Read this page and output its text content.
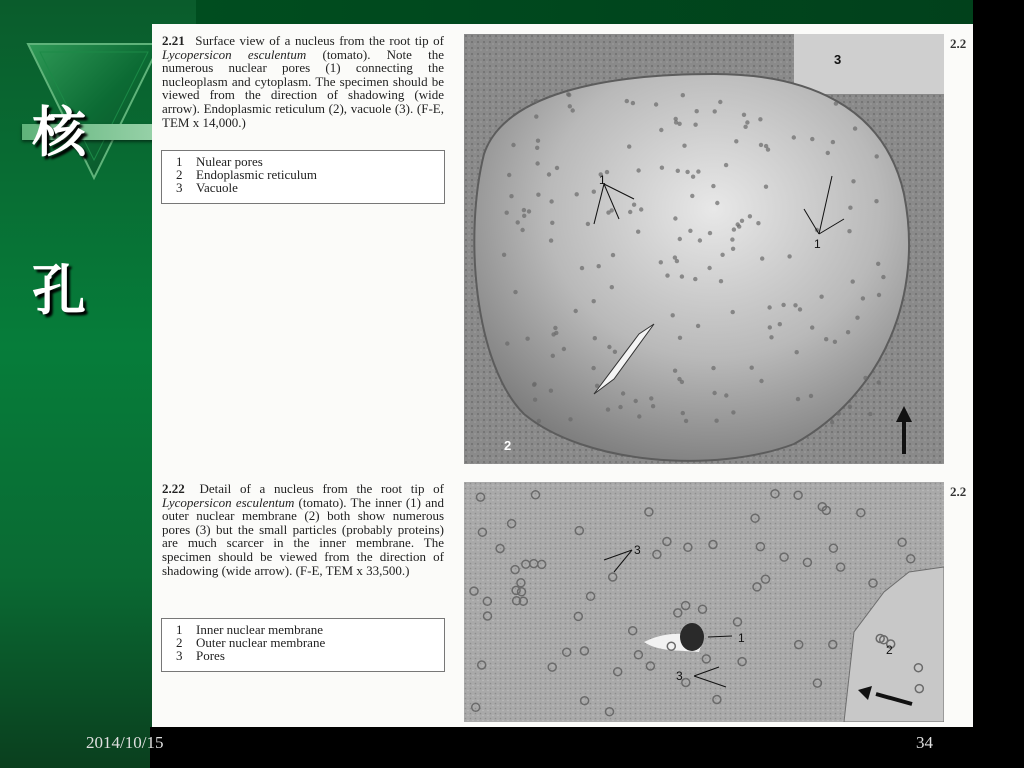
核
孔
2.21 Surface view of a nucleus from the root tip of Lycopersicon esculentum (tomato). Note the numerous nuclear pores (1) connecting the nucleoplasm and cytoplasm. The specimen should be viewed from the direction of shadowing (wide arrow). Endoplasmic reticulum (2), vacuole (3). (F-E, TEM x 14,000.)
1	Nulear pores
2	Endoplasmic reticulum
3	Vacuole	1
1
2
3
2.2
2.22 Detail of a nucleus from the root tip of Lycopersicon esculentum (tomato). The inner (1) and outer nuclear membrane (2) both show numerous pores (3) but the small particles (probably proteins) are much scarcer in the inner membrane. The specimen should be viewed from the direction of shadowing (wide arrow). (F-E, TEM x 33,500.)
1	Inner nuclear membrane
2	Outer nuclear membrane
3	Pores
3
3
1
2
2.2
2014/10/15	34
